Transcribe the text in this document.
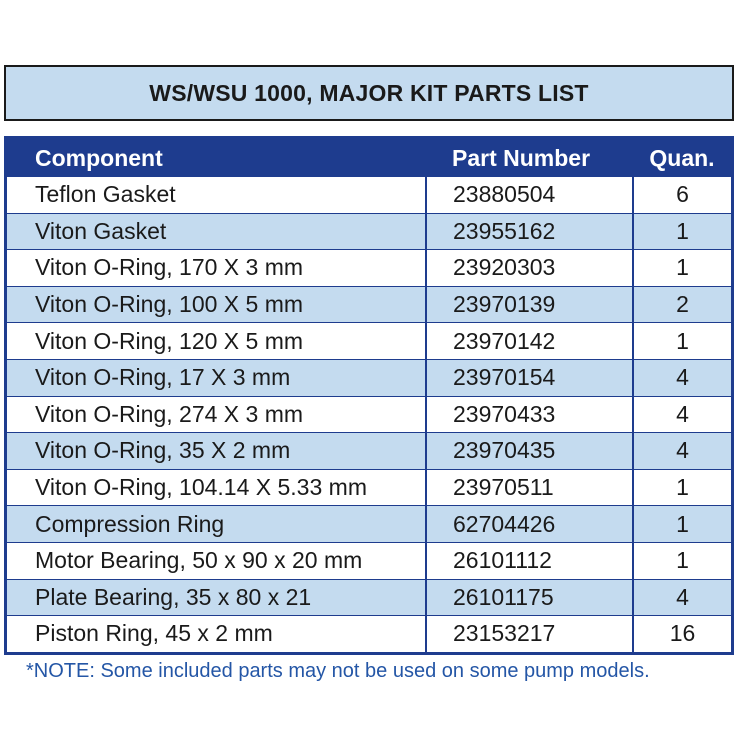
WS/WSU 1000, MAJOR KIT PARTS LIST
Component	Part Number	Quan.
Teflon Gasket	23880504	6
Viton Gasket	23955162	1
Viton O-Ring, 170 X 3 mm	23920303	1
Viton O-Ring, 100 X 5 mm	23970139	2
Viton O-Ring, 120 X 5 mm	23970142	1
Viton O-Ring, 17 X 3 mm	23970154	4
Viton O-Ring, 274 X 3 mm	23970433	4
Viton O-Ring, 35 X 2 mm	23970435	4
Viton O-Ring, 104.14 X 5.33 mm	23970511	1
Compression Ring	62704426	1
Motor Bearing, 50 x 90 x 20 mm	26101112	1
Plate Bearing, 35 x 80 x 21	26101175	4
Piston Ring, 45 x 2 mm	23153217	16
*NOTE: Some included parts may not be used on some pump models.
